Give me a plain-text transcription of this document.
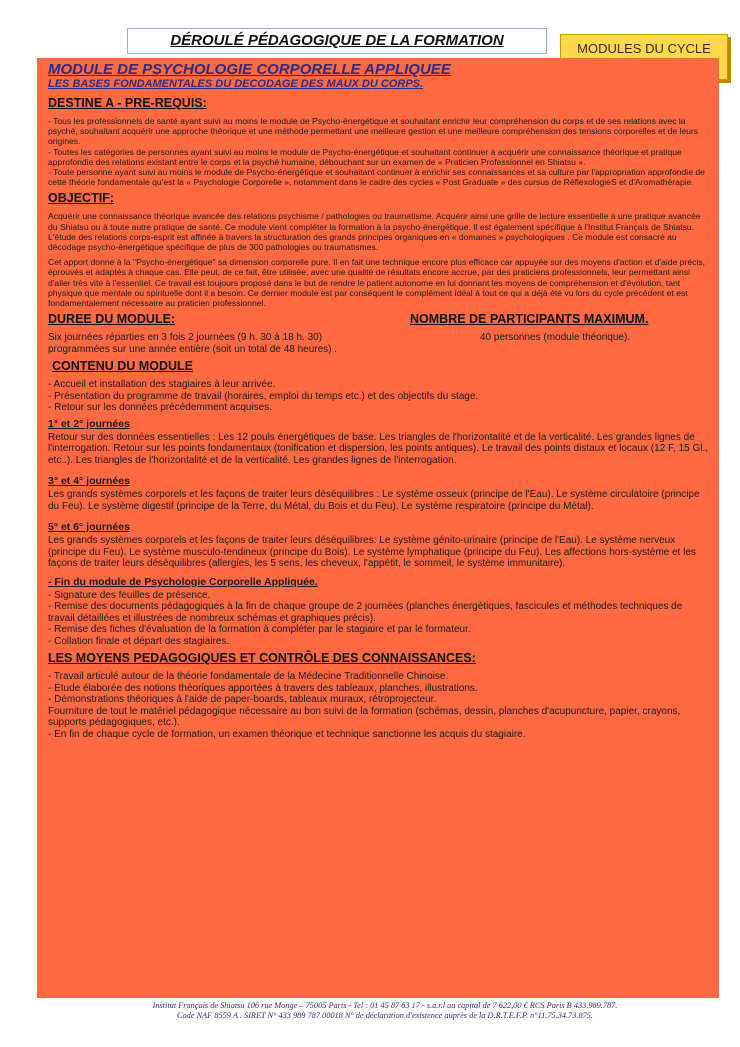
DÉROULÉ PÉDAGOGIQUE DE LA FORMATION	MODULES DU CYCLE
MODULE DE PSYCHOLOGIE CORPORELLE APPLIQUEE
LES BASES FONDAMENTALES DU DECODAGE DES MAUX DU CORPS.
DESTINE A - PRE-REQUIS:

- Tous les professionnels de santé ayant suivi au moins le module de Psycho-énergétique et souhaitant enrichir leur compréhension du corps et de ses relations avec la psyché, souhaitant acquérir une approche théorique et une méthode permettant une meilleure gestion et une meilleure compréhension des tensions corporelles et de leurs origines.

- Toutes les catégories de personnes ayant suivi au moins le module de Psycho-énergétique et souhaitant continuer à acquérir une connaissance théorique et pratique approfondie des relations existant entre le corps et la psyché humaine, débouchant sur un examen de « Praticien Professionnel en Shiatsu ».

- Toute personne ayant suivi au moins le module de Psycho-énergétique et souhaitant continuer à enrichir ses connaissances et sa culture par l'appropriation approfondie de cette théorie fondamentale qu'est la « Psychologie Corporelle », notamment dans le cadre des cycles « Post Graduate » des cursus de RéflexologieS et d'Aromathérapie.

OBJECTIF:

Acquérir une connaissance théorique avancée des relations psychisme / pathologies ou traumatisme. Acquérir ainsi une grille de lecture essentielle à une pratique avancée du Shiatsu ou à toute autre pratique de santé. Ce module vient compléter la formation à la psycho-énergétique. Il est également spécifique à l'Institut Français de Shiatsu. L'étude des relations corps-esprit est affinée à travers la structuration des grands principes organiques en « domaines » psychologiques . Ce module est consacré au décodage psycho-énergétique spécifique de plus de 300 pathologies ou traumatismes.

Cet apport donne à la "Psycho-énergétique" sa dimension corporelle pure. Il en fait une technique encore plus efficace car appuyée sur des moyens d'action et d'aide précis, éprouvés et adaptés à chaque cas. Elle peut, de ce fait, être utilisée, avec une qualité de résultats encore accrue, par des praticiens professionnels, leur permettant ainsi d'aller très vite à l'essentiel. Ce travail est toujours proposé dans le but de rendre le patient autonome en lui donnant les moyens de compréhension et d'évolution, tant physique que mentale ou spirituelle dont il a besoin. Ce dernier module est par conséquent le complément idéal à tout ce qui a déjà été vu lors du cycle précédent et est fondamentalement nécessaire au praticien professionnel.

DUREE DU MODULE:

Six journées réparties en 3 fois 2 journées (9 h. 30 à 18 h. 30)

programmées sur une année entière (soit un total de 48 heures) .

NOMBRE DE PARTICIPANTS MAXIMUM.

40 personnes (module théorique).

CONTENU DU MODULE

- Accueil et installation des stagiaires à leur arrivée.

- Présentation du programme de travail (horaires, emploi du temps etc.) et des objectifs du stage.

- Retour sur les données précédemment acquises.

1° et 2° journées

Retour sur des données essentielles : Les 12 pouls énergétiques de base. Les triangles de l'horizontalité et de la verticalité. Les grandes lignes de l'interrogation. Retour sur les points fondamentaux (tonification et dispersion, les points antiques). Le travail des points distaux et locaux (12 F, 15 Gl., etc..). Les triangles de l'horizontalité et de la verticalité. Les grandes lignes de l'interrogation.

3° et 4° journées

Les grands systèmes corporels et les façons de traiter leurs déséquilibres : Le système osseux (principe de l'Eau). Le système circulatoire (principe du Feu). Le système digestif (principe de la Terre, du Métal, du Bois et du Feu). Le système respiratoire (principe du Métal).

5° et 6° journées

Les grands systèmes corporels et les façons de traiter leurs déséquilibres: Le système génito-urinaire (principe de l'Eau). Le système nerveux (principe du Feu). Le système musculo-tendineux (principe du Bois). Le système lymphatique (principe du Feu). Les affections hors-système et les façons de traiter leurs déséquilibres (allergies, les 5 sens, les cheveux, l'appétit, le sommeil, le système immunitaire).

- Fin du module de Psychologie Corporelle Appliquée.

- Signature des feuilles de présence.

- Remise des documents pédagogiques à la fin de chaque groupe de 2 journées (planches énergétiques, fascicules et méthodes techniques de travail détaillées et illustrées de nombreux schémas et graphiques précis).

- Remise des fiches d'évaluation de la formation à compléter par le stagiaire et par le formateur.

- Collation finale et départ des stagiaires.

LES MOYENS PEDAGOGIQUES ET CONTRÔLE DES CONNAISSANCES:

- Travail articulé autour de la théorie fondamentale de la Médecine Traditionnelle Chinoise.

- Etude élaborée des notions théoriques apportées à travers des tableaux, planches, illustrations.

- Démonstrations théoriques à l'aide de paper-boards, tableaux muraux, rétroprojecteur.

Fourniture de tout le matériel pédagogique nécessaire au bon suivi de la formation (schémas, dessin, planches d'acupuncture, papier, crayons, supports pédagogiques, etc.).

- En fin de chaque cycle de formation, un examen théorique et technique sanctionne les acquis du stagiaire.

Institut Français de Shiatsu 106 rue Monge – 75005 Paris - Tel : 01 45 87 83 17 - s.a.r.l au capital de 7 622,00 € RCS Paris B 433.989.787.
Code NAF 8559 A . SIRET N° 433 989 787 00018 N° de déclaration d'existence auprès de la D.R.T.E.F.P. n°11.75.34.73.875.
